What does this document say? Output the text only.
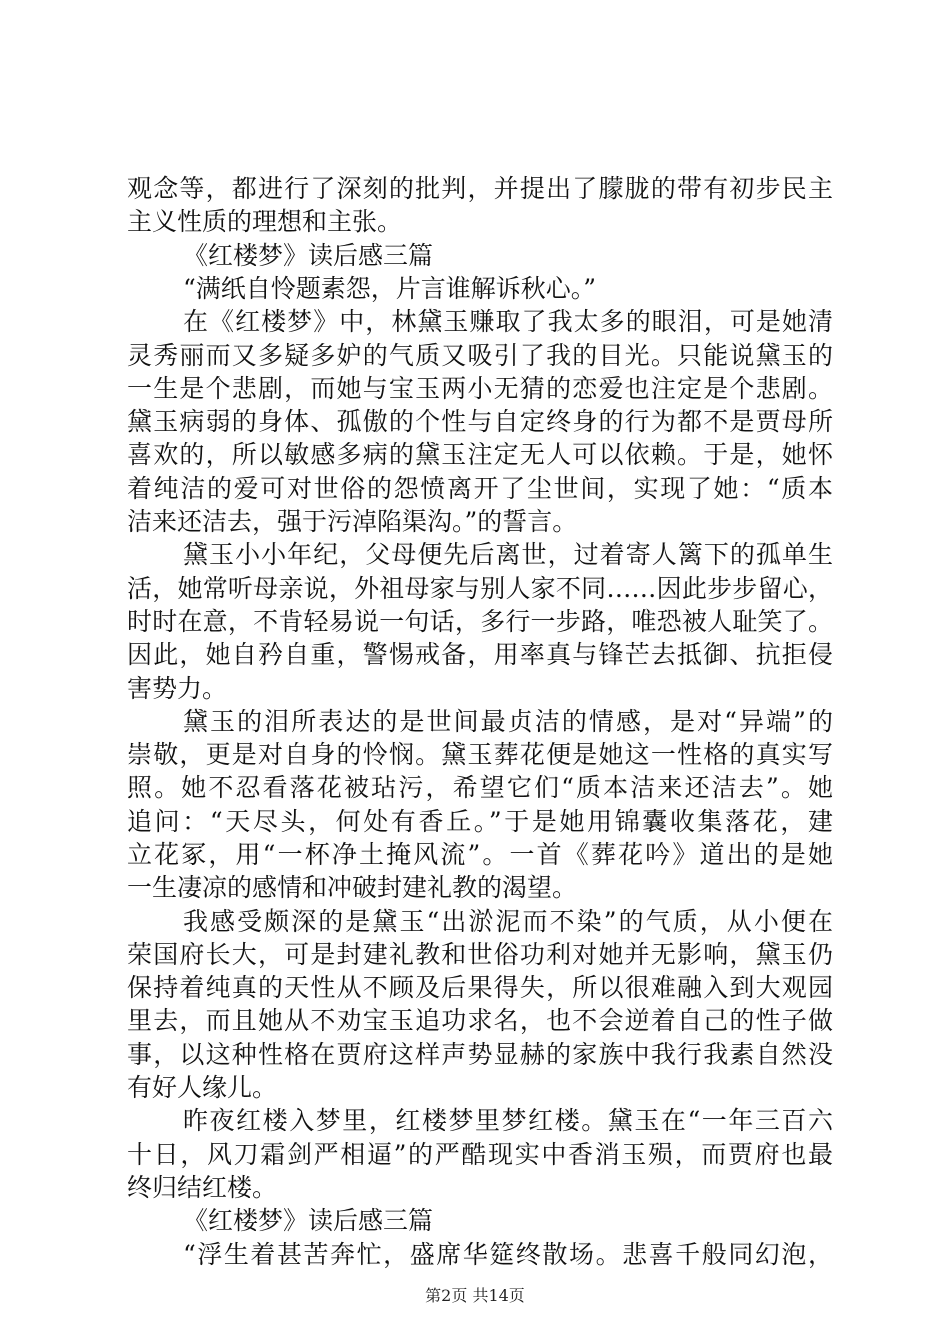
观念等，都进行了深刻的批判，并提出了朦胧的带有初步民主
主义性质的理想和主张。
《红楼梦》读后感三篇
“满纸自怜题素怨，片言谁解诉秋心。”
在《红楼梦》中，林黛玉赚取了我太多的眼泪，可是她清
灵秀丽而又多疑多妒的气质又吸引了我的目光。只能说黛玉的
一生是个悲剧，而她与宝玉两小无猜的恋爱也注定是个悲剧。
黛玉病弱的身体、孤傲的个性与自定终身的行为都不是贾母所
喜欢的，所以敏感多病的黛玉注定无人可以依赖。于是，她怀
着纯洁的爱可对世俗的怨愤离开了尘世间，实现了她：“质本
洁来还洁去，强于污淖陷渠沟。”的誓言。
黛玉小小年纪，父母便先后离世，过着寄人篱下的孤单生
活，她常听母亲说，外祖母家与别人家不同……因此步步留心，
时时在意，不肯轻易说一句话，多行一步路，唯恐被人耻笑了。
因此，她自矜自重，警惕戒备，用率真与锋芒去抵御、抗拒侵
害势力。
黛玉的泪所表达的是世间最贞洁的情感，是对“异端”的
崇敬，更是对自身的怜悯。黛玉葬花便是她这一性格的真实写
照。她不忍看落花被玷污，希望它们“质本洁来还洁去”。她
追问：“天尽头，何处有香丘。”于是她用锦囊收集落花，建
立花冢，用“一杯净土掩风流”。一首《葬花吟》道出的是她
一生凄凉的感情和冲破封建礼教的渴望。
我感受颇深的是黛玉“出淤泥而不染”的气质，从小便在
荣国府长大，可是封建礼教和世俗功利对她并无影响，黛玉仍
保持着纯真的天性从不顾及后果得失，所以很难融入到大观园
里去，而且她从不劝宝玉追功求名，也不会逆着自己的性子做
事，以这种性格在贾府这样声势显赫的家族中我行我素自然没
有好人缘儿。
昨夜红楼入梦里，红楼梦里梦红楼。黛玉在“一年三百六
十日，风刀霜剑严相逼”的严酷现实中香消玉殒，而贾府也最
终归结红楼。
《红楼梦》读后感三篇
“浮生着甚苦奔忙，盛席华筵终散场。悲喜千般同幻泡，
第2页 共14页
